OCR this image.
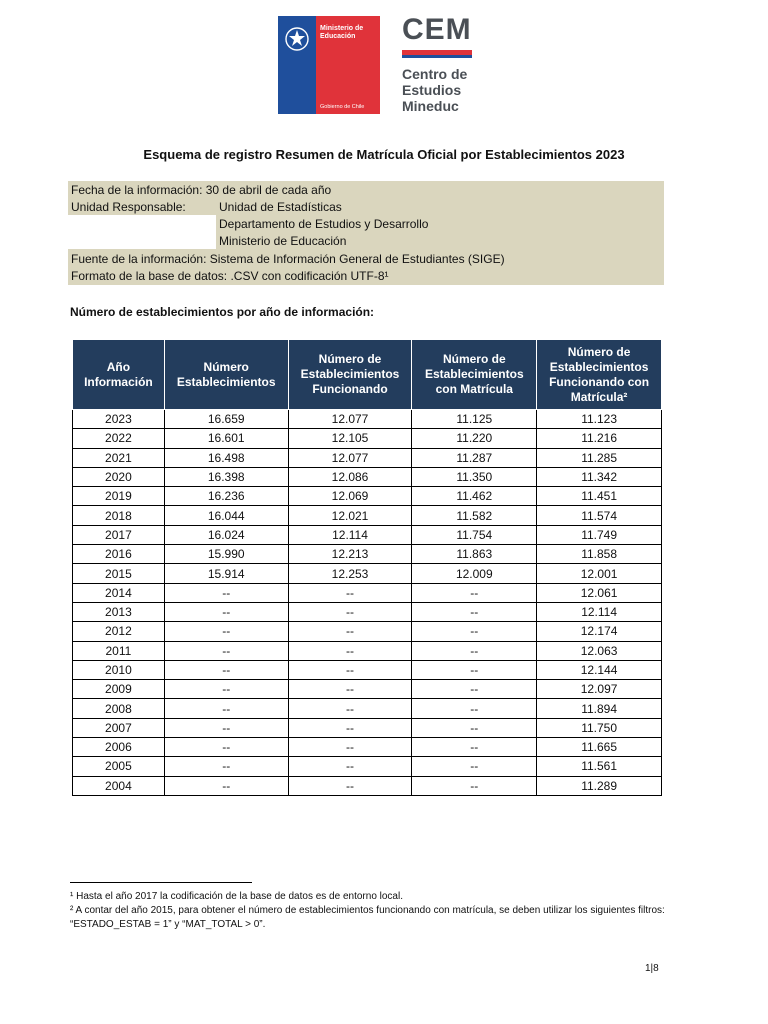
Ministerio de
Educación
Gobierno de Chile
CEM
Centro de
Estudios
Mineduc
Esquema de registro Resumen de Matrícula Oficial por Establecimientos 2023
Fecha de la información: 30 de abril de cada año
Unidad Responsable:	Unidad de Estadísticas
Departamento de Estudios y Desarrollo
Ministerio de Educación
Fuente de la información: Sistema de Información General de Estudiantes (SIGE)
Formato de la base de datos: .CSV con codificación UTF-8¹
Número de establecimientos por año de información:
Año Información	Número Establecimientos	Número de Establecimientos Funcionando	Número de Establecimientos con Matrícula	Número de Establecimientos Funcionando con Matrícula²
2023	16.659	12.077	11.125	11.123
2022	16.601	12.105	11.220	11.216
2021	16.498	12.077	11.287	11.285
2020	16.398	12.086	11.350	11.342
2019	16.236	12.069	11.462	11.451
2018	16.044	12.021	11.582	11.574
2017	16.024	12.114	11.754	11.749
2016	15.990	12.213	11.863	11.858
2015	15.914	12.253	12.009	12.001
2014	--	--	--	12.061
2013	--	--	--	12.114
2012	--	--	--	12.174
2011	--	--	--	12.063
2010	--	--	--	12.144
2009	--	--	--	12.097
2008	--	--	--	11.894
2007	--	--	--	11.750
2006	--	--	--	11.665
2005	--	--	--	11.561
2004	--	--	--	11.289
¹ Hasta el año 2017 la codificación de la base de datos es de entorno local.
² A contar del año 2015, para obtener el número de establecimientos funcionando con matrícula, se deben utilizar los siguientes filtros: “ESTADO_ESTAB = 1” y “MAT_TOTAL > 0”.
1|8
